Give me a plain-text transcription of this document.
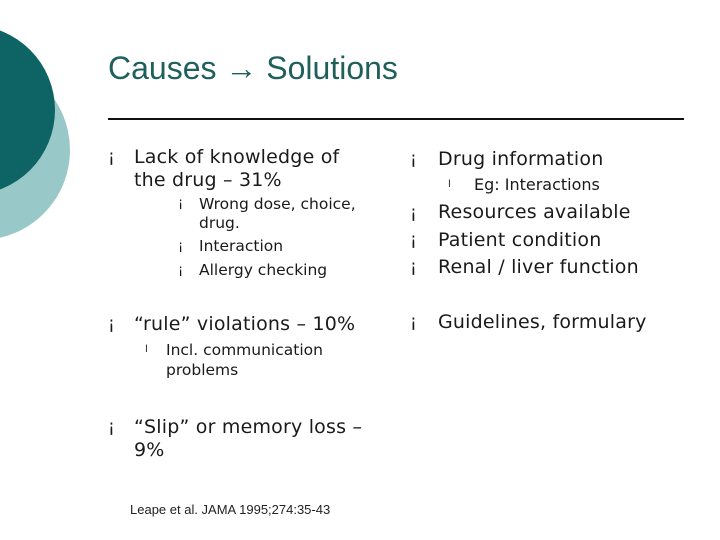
Causes → Solutions
¡ Lack of knowledge of
the drug – 31%
¡ Wrong dose, choice,
drug.
¡ Interaction
¡ Allergy checking
¡ “rule” violations – 10%
l Incl. communication
problems
¡ “Slip” or memory loss –
9%
¡ Drug information
l Eg: Interactions
¡ Resources available
¡ Patient condition
¡ Renal / liver function
¡ Guidelines, formulary
Leape et al. JAMA 1995;274:35-43
